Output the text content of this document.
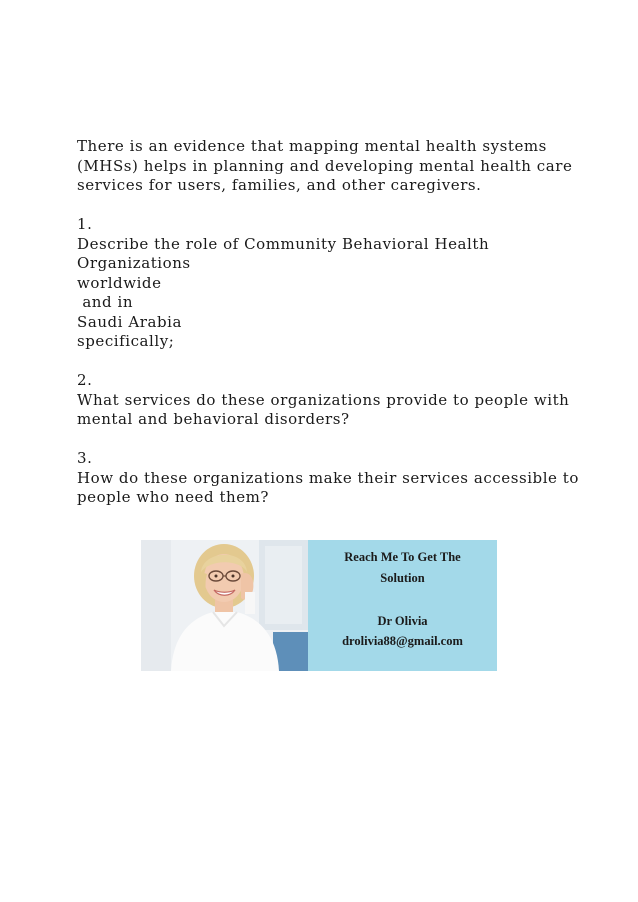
There is an evidence that mapping mental health systems
(MHSs) helps in planning and developing mental health care
services for users, families, and other caregivers.
1.
Describe the role of Community Behavioral Health
Organizations
worldwide
and in
Saudi Arabia
specifically;
2.
What services do these organizations provide to people with
mental and behavioral disorders?
3.
How do these organizations make their services accessible to
people who need them?
Reach Me To Get The
Solution
Dr Olivia
drolivia88@gmail.com
